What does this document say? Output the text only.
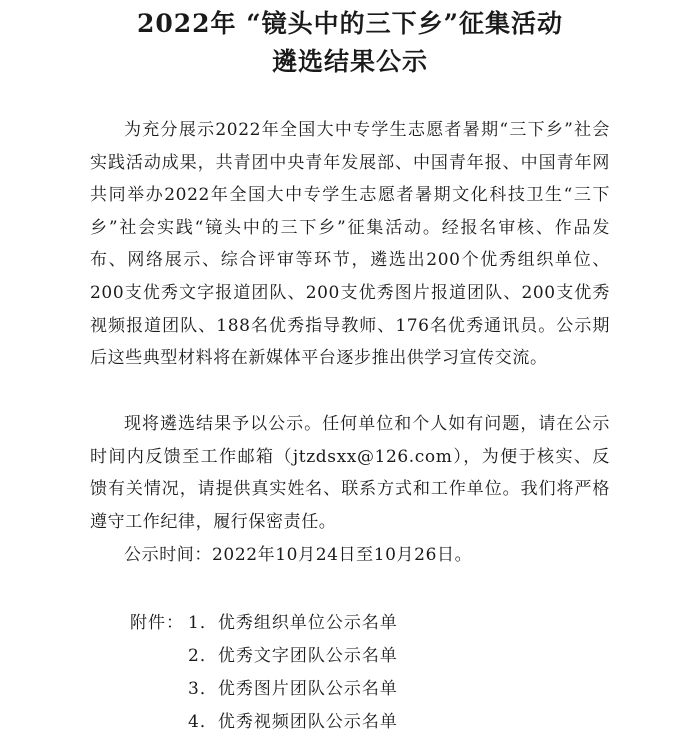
2022年 “镜头中的三下乡”征集活动
遴选结果公示
为充分展示2022年全国大中专学生志愿者暑期“三下乡”社会实践活动成果，共青团中央青年发展部、中国青年报、中国青年网共同举办2022年全国大中专学生志愿者暑期文化科技卫生“三下乡”社会实践“镜头中的三下乡”征集活动。经报名审核、作品发布、网络展示、综合评审等环节，遴选出200个优秀组织单位、200支优秀文字报道团队、200支优秀图片报道团队、200支优秀视频报道团队、188名优秀指导教师、176名优秀通讯员。公示期后这些典型材料将在新媒体平台逐步推出供学习宣传交流。
现将遴选结果予以公示。任何单位和个人如有问题，请在公示时间内反馈至工作邮箱（jtzdsxx@126.com），为便于核实、反馈有关情况，请提供真实姓名、联系方式和工作单位。我们将严格遵守工作纪律，履行保密责任。
公示时间：2022年10月24日至10月26日。
附件： 1．优秀组织单位公示名单
2．优秀文字团队公示名单
3．优秀图片团队公示名单
4．优秀视频团队公示名单
